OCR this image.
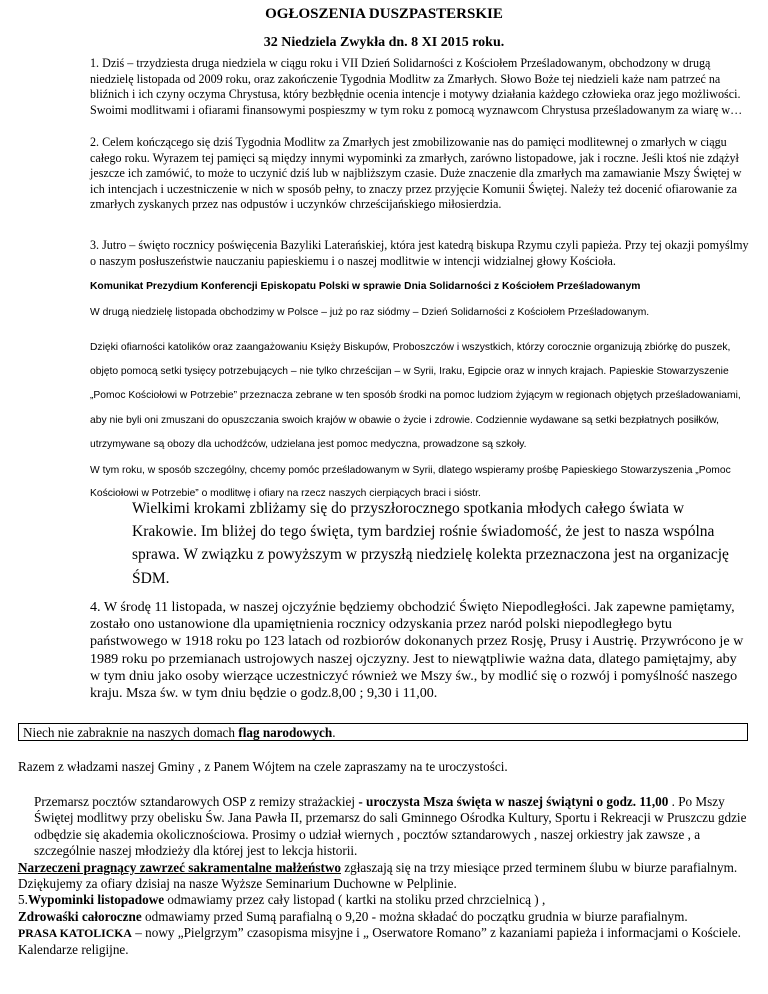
OGŁOSZENIA DUSZPASTERSKIE
32 Niedziela Zwykła dn. 8 XI 2015 roku.
1. Dziś – trzydziesta druga niedziela w ciągu roku i VII Dzień Solidarności z Kościołem Prześladowanym, obchodzony w drugą niedzielę listopada od 2009 roku, oraz zakończenie Tygodnia Modlitw za Zmarłych. Słowo Boże tej niedzieli każe nam patrzeć na bliźnich i ich czyny oczyma Chrystusa, który bezbłędnie ocenia intencje i motywy działania każdego człowieka oraz jego możliwości. Swoimi modlitwami i ofiarami finansowymi pospieszmy w tym roku z pomocą wyznawcom Chrystusa prześladowanym za wiarę w…
2. Celem kończącego się dziś Tygodnia Modlitw za Zmarłych jest zmobilizowanie nas do pamięci modlitewnej o zmarłych w ciągu całego roku. Wyrazem tej pamięci są między innymi wypominki za zmarłych, zarówno listopadowe, jak i roczne. Jeśli ktoś nie zdążył jeszcze ich zamówić, to może to uczynić dziś lub w najbliższym czasie. Duże znaczenie dla zmarłych ma zamawianie Mszy Świętej w ich intencjach i uczestniczenie w nich w sposób pełny, to znaczy przez przyjęcie Komunii Świętej. Należy też docenić ofiarowanie za zmarłych zyskanych przez nas odpustów i uczynków chrześcijańskiego miłosierdzia.
3. Jutro – święto rocznicy poświęcenia Bazyliki Laterańskiej, która jest katedrą biskupa Rzymu czyli papieża. Przy tej okazji pomyślmy o naszym posłuszeństwie nauczaniu papieskiemu i o naszej modlitwie w intencji widzialnej głowy Kościoła.
Komunikat Prezydium Konferencji Episkopatu Polski w sprawie Dnia Solidarności z Kościołem Prześladowanym
W drugą niedzielę listopada obchodzimy w Polsce – już po raz siódmy – Dzień Solidarności z Kościołem Prześladowanym.
Dzięki ofiarności katolików oraz zaangażowaniu Księży Biskupów, Proboszczów i wszystkich, którzy corocznie organizują zbiórkę do puszek, objęto pomocą setki tysięcy potrzebujących – nie tylko chrześcijan – w Syrii, Iraku, Egipcie oraz w innych krajach. Papieskie Stowarzyszenie „Pomoc Kościołowi w Potrzebie” przeznacza zebrane w ten sposób środki na pomoc ludziom żyjącym w regionach objętych prześladowaniami, aby nie byli oni zmuszani do opuszczania swoich krajów w obawie o życie i zdrowie. Codziennie wydawane są setki bezpłatnych posiłków, utrzymywane są obozy dla uchodźców, udzielana jest pomoc medyczna, prowadzone są szkoły.
W tym roku, w sposób szczególny, chcemy pomóc prześladowanym w Syrii, dlatego wspieramy prośbę Papieskiego Stowarzyszenia „Pomoc Kościołowi w Potrzebie” o modlitwę i ofiary na rzecz naszych cierpiących braci i sióstr.
Wielkimi krokami zbliżamy się do przyszłorocznego spotkania młodych całego świata w Krakowie. Im bliżej do tego święta, tym bardziej rośnie świadomość, że jest to nasza wspólna sprawa. W związku z powyższym w przyszłą niedzielę kolekta przeznaczona jest na organizację ŚDM.
4. W środę 11 listopada, w naszej ojczyźnie będziemy obchodzić Święto Niepodległości. Jak zapewne pamiętamy, zostało ono ustanowione dla upamiętnienia rocznicy odzyskania przez naród polski niepodległego bytu państwowego w 1918 roku po 123 latach od rozbiorów dokonanych przez Rosję, Prusy i Austrię. Przywrócono je w 1989 roku po przemianach ustrojowych naszej ojczyzny. Jest to niewątpliwie ważna data, dlatego pamiętajmy, aby w tym dniu jako osoby wierzące uczestniczyć również we Mszy św., by modlić się o rozwój i pomyślność naszego kraju. Msza św. w tym dniu będzie o godz.8,00 ; 9,30 i 11,00.
Niech nie zabraknie na naszych domach flag narodowych.
Razem z władzami naszej Gminy , z Panem Wójtem na czele zapraszamy na te uroczystości.
Przemarsz pocztów sztandarowych OSP z remizy strażackiej - uroczysta Msza święta w naszej świątyni o godz. 11,00 . Po Mszy Świętej modlitwy przy obelisku Św. Jana Pawła II, przemarsz do sali Gminnego Ośrodka Kultury, Sportu i Rekreacji w Pruszczu gdzie odbędzie się akademia okolicznościowa. Prosimy o udział wiernych , pocztów sztandarowych , naszej orkiestry jak zawsze , a szczególnie naszej młodzieży dla której jest to lekcja historii.
Narzeczeni pragnący zawrzeć sakramentalne małżeństwo zgłaszają się na trzy miesiące przed terminem ślubu w biurze parafialnym.
Dziękujemy za ofiary dzisiaj na nasze Wyższe Seminarium Duchowne w Pelplinie.
5.Wypominki listopadowe odmawiamy przez cały listopad ( kartki na stoliku przed chrzcielnicą ) ,
Zdrowaśki całoroczne odmawiamy przed Sumą parafialną o 9,20 - można składać do początku grudnia w biurze parafialnym.
PRASA KATOLICKA – nowy „Pielgrzym” czasopisma misyjne i „ Oserwatore Romano” z kazaniami papieża i informacjami o Kościele. Kalendarze religijne.
